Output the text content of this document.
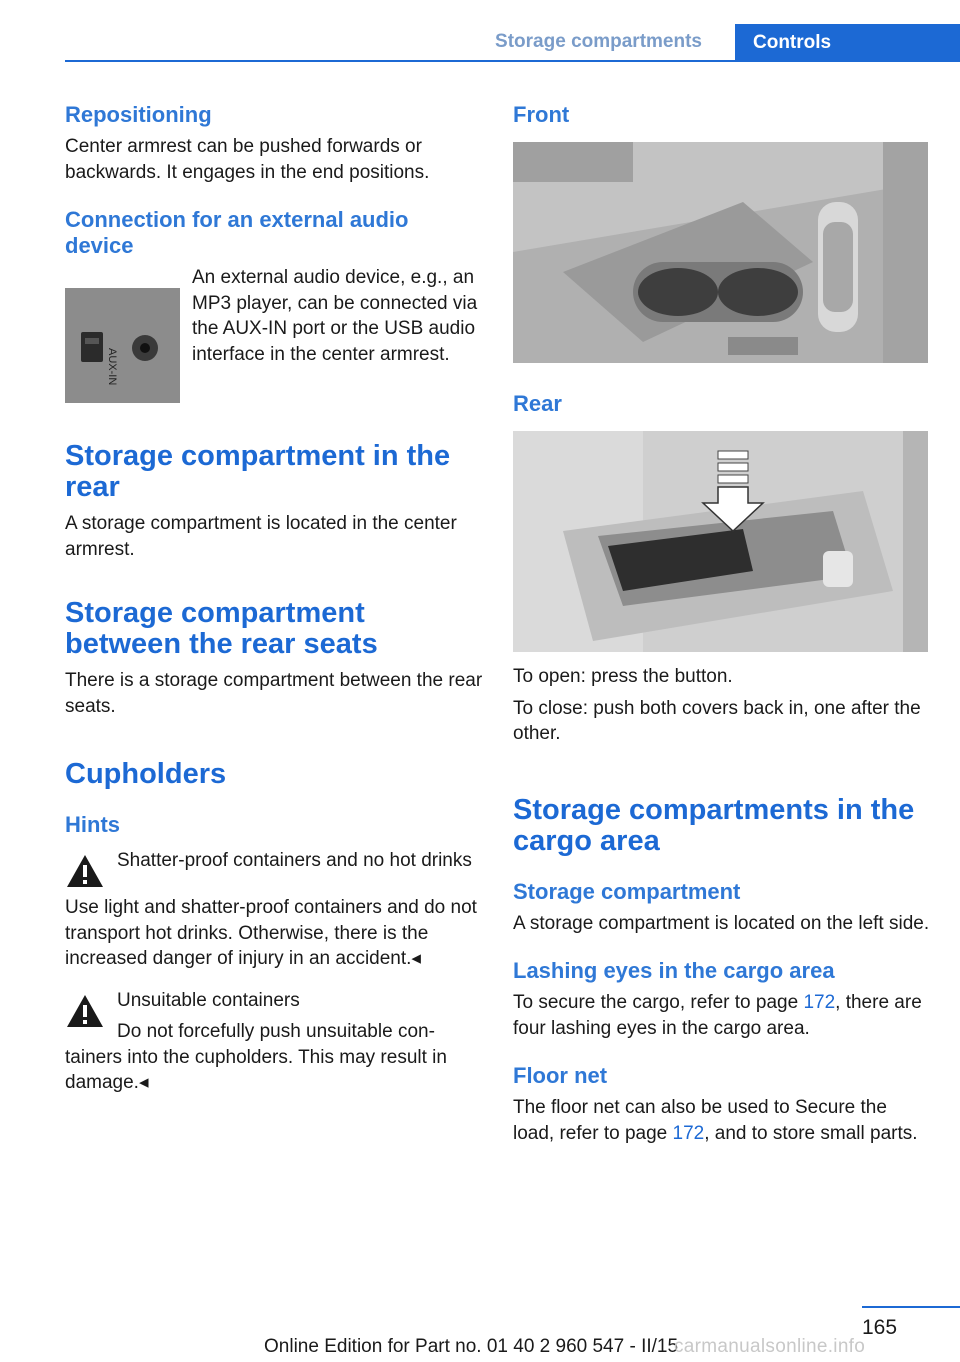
Storage compartments	Controls
Repositioning
Center armrest can be pushed forwards or backwards. It engages in the end positions.
Connection for an external audio device
AUX-IN
An external audio device, e.g., an MP3 player, can be connected via the AUX-IN port or the USB audio interface in the center armrest.
Storage compartment in the rear
A storage compartment is located in the center armrest.
Storage compartment between the rear seats
There is a storage compartment between the rear seats.
Cupholders
Hints
Shatter-proof containers and no hot drinks
Use light and shatter-proof containers and do not transport hot drinks. Otherwise, there is the increased danger of injury in an accident.◂
Unsuitable containers
Do not forcefully push unsuitable con-
tainers into the cupholders. This may result in damage.◂
Front
Rear
To open: press the button.
To close: push both covers back in, one after the other.
Storage compartments in the cargo area
Storage compartment
A storage compartment is located on the left side.
Lashing eyes in the cargo area
To secure the cargo, refer to page 172, there are four lashing eyes in the cargo area.
Floor net
The floor net can also be used to Secure the load, refer to page 172, and to store small parts.
165
Online Edition for Part no. 01 40 2 960 547 - II/15
carmanualsonline.info
